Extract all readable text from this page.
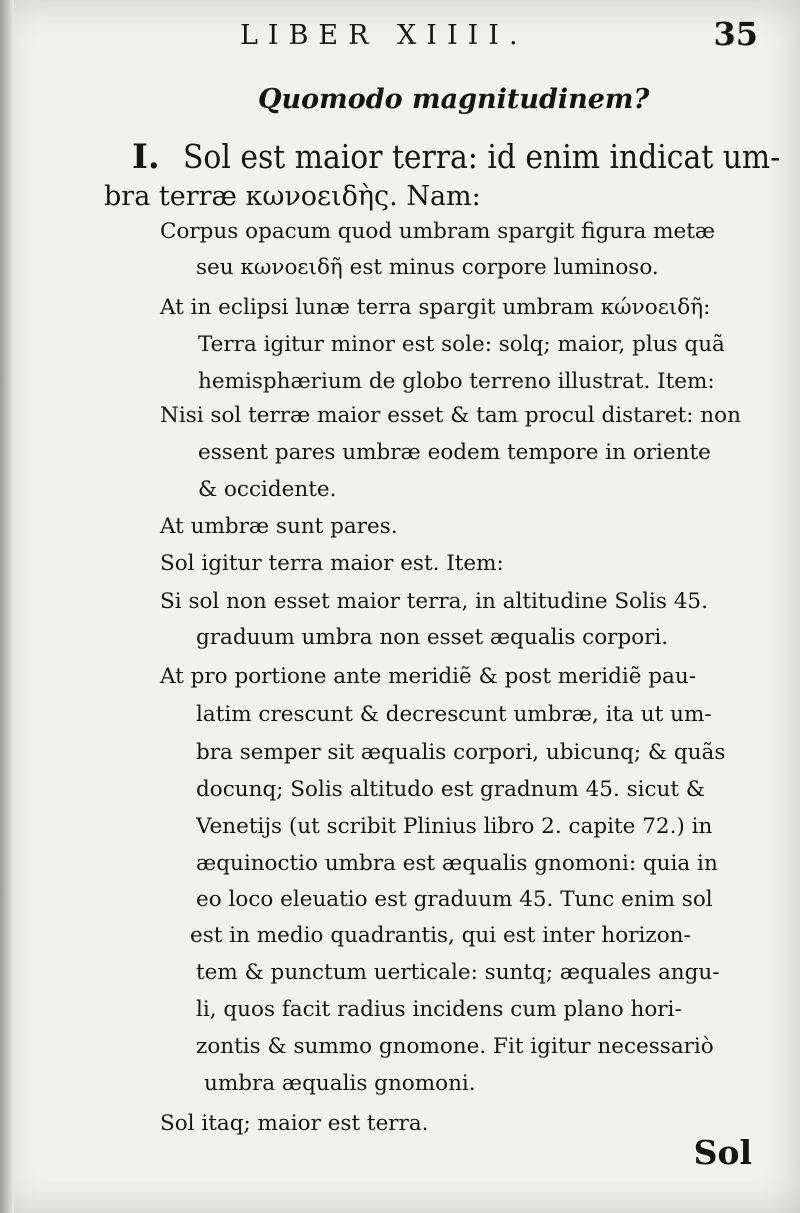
LIBER XIIII.	35
Quomodo magnitudinem?
I. Sol est maior terra: id enim indicat um-
bra terræ κωνοειδὴς. Nam:
Corpus opacum quod umbram spargit figura metæ
seu κωνοειδῆ est minus corpore luminoso.
At in eclipsi lunæ terra spargit umbram κώνοειδῆ:
Terra igitur minor est sole: solq; maior, plus quã
hemisphærium de globo terreno illustrat. Item:
Nisi sol terræ maior esset & tam procul distaret: non
essent pares umbræ eodem tempore in oriente
& occidente.
At umbræ sunt pares.
Sol igitur terra maior est. Item:
Si sol non esset maior terra, in altitudine Solis 45.
graduum umbra non esset æqualis corpori.
At pro portione ante meridiẽ & post meridiẽ pau-
latim crescunt & decrescunt umbræ, ita ut um-
bra semper sit æqualis corpori, ubicunq; & quãs
docunq; Solis altitudo est gradnum 45. sicut &
Venetijs (ut scribit Plinius libro 2. capite 72.) in
æquinoctio umbra est æqualis gnomoni: quia in
eo loco eleuatio est graduum 45. Tunc enim sol
est in medio quadrantis, qui est inter horizon-
tem & punctum uerticale: suntq; æquales angu-
li, quos facit radius incidens cum plano hori-
zontis & summo gnomone. Fit igitur necessariò
umbra æqualis gnomoni.
Sol itaq; maior est terra.
Sol
